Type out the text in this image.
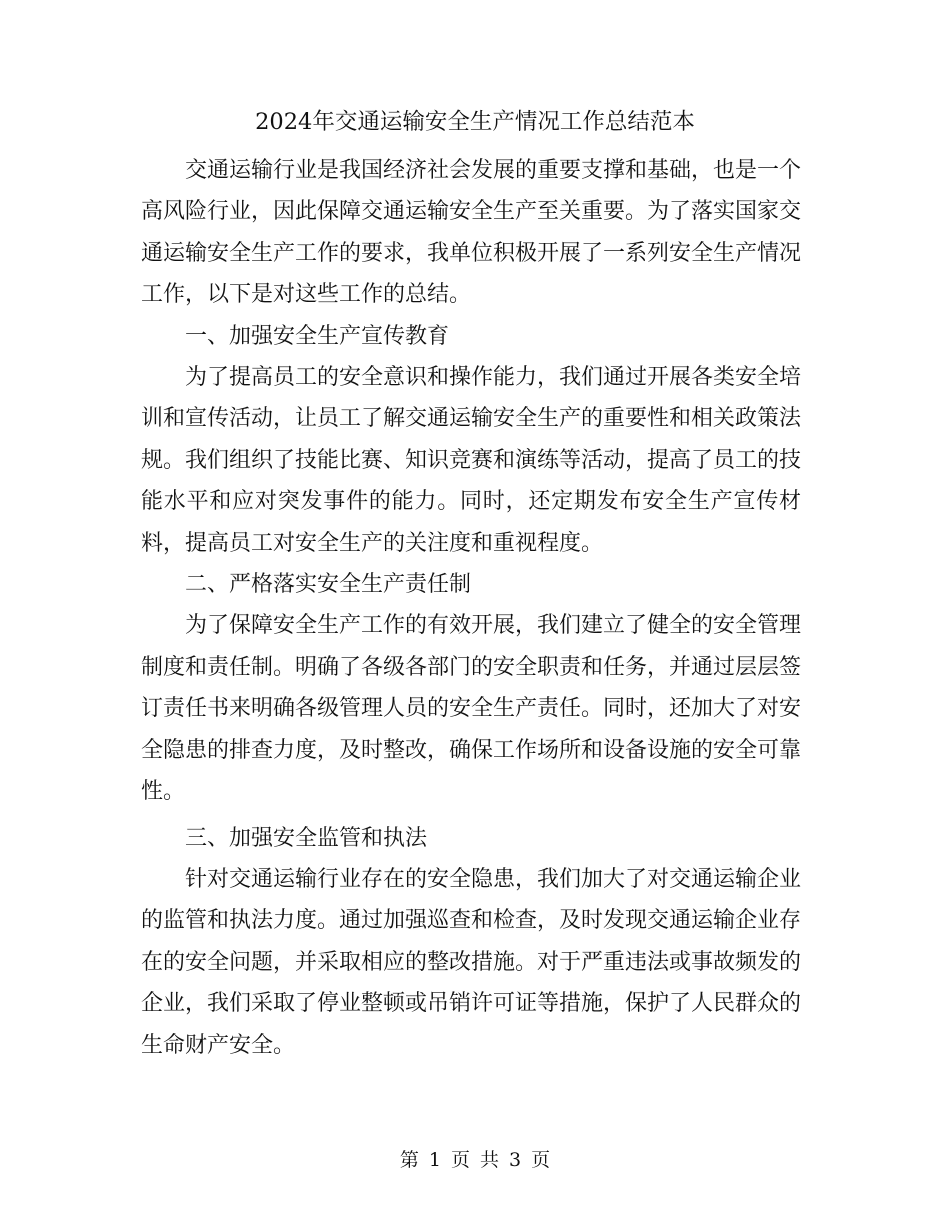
2024年交通运输安全生产情况工作总结范本

交通运输行业是我国经济社会发展的重要支撑和基础，也是一个高风险行业，因此保障交通运输安全生产至关重要。为了落实国家交通运输安全生产工作的要求，我单位积极开展了一系列安全生产情况工作，以下是对这些工作的总结。

一、加强安全生产宣传教育

为了提高员工的安全意识和操作能力，我们通过开展各类安全培训和宣传活动，让员工了解交通运输安全生产的重要性和相关政策法规。我们组织了技能比赛、知识竞赛和演练等活动，提高了员工的技能水平和应对突发事件的能力。同时，还定期发布安全生产宣传材料，提高员工对安全生产的关注度和重视程度。

二、严格落实安全生产责任制

为了保障安全生产工作的有效开展，我们建立了健全的安全管理制度和责任制。明确了各级各部门的安全职责和任务，并通过层层签订责任书来明确各级管理人员的安全生产责任。同时，还加大了对安全隐患的排查力度，及时整改，确保工作场所和设备设施的安全可靠性。

三、加强安全监管和执法

针对交通运输行业存在的安全隐患，我们加大了对交通运输企业的监管和执法力度。通过加强巡查和检查，及时发现交通运输企业存在的安全问题，并采取相应的整改措施。对于严重违法或事故频发的企业，我们采取了停业整顿或吊销许可证等措施，保护了人民群众的生命财产安全。

第 1 页 共 3 页
